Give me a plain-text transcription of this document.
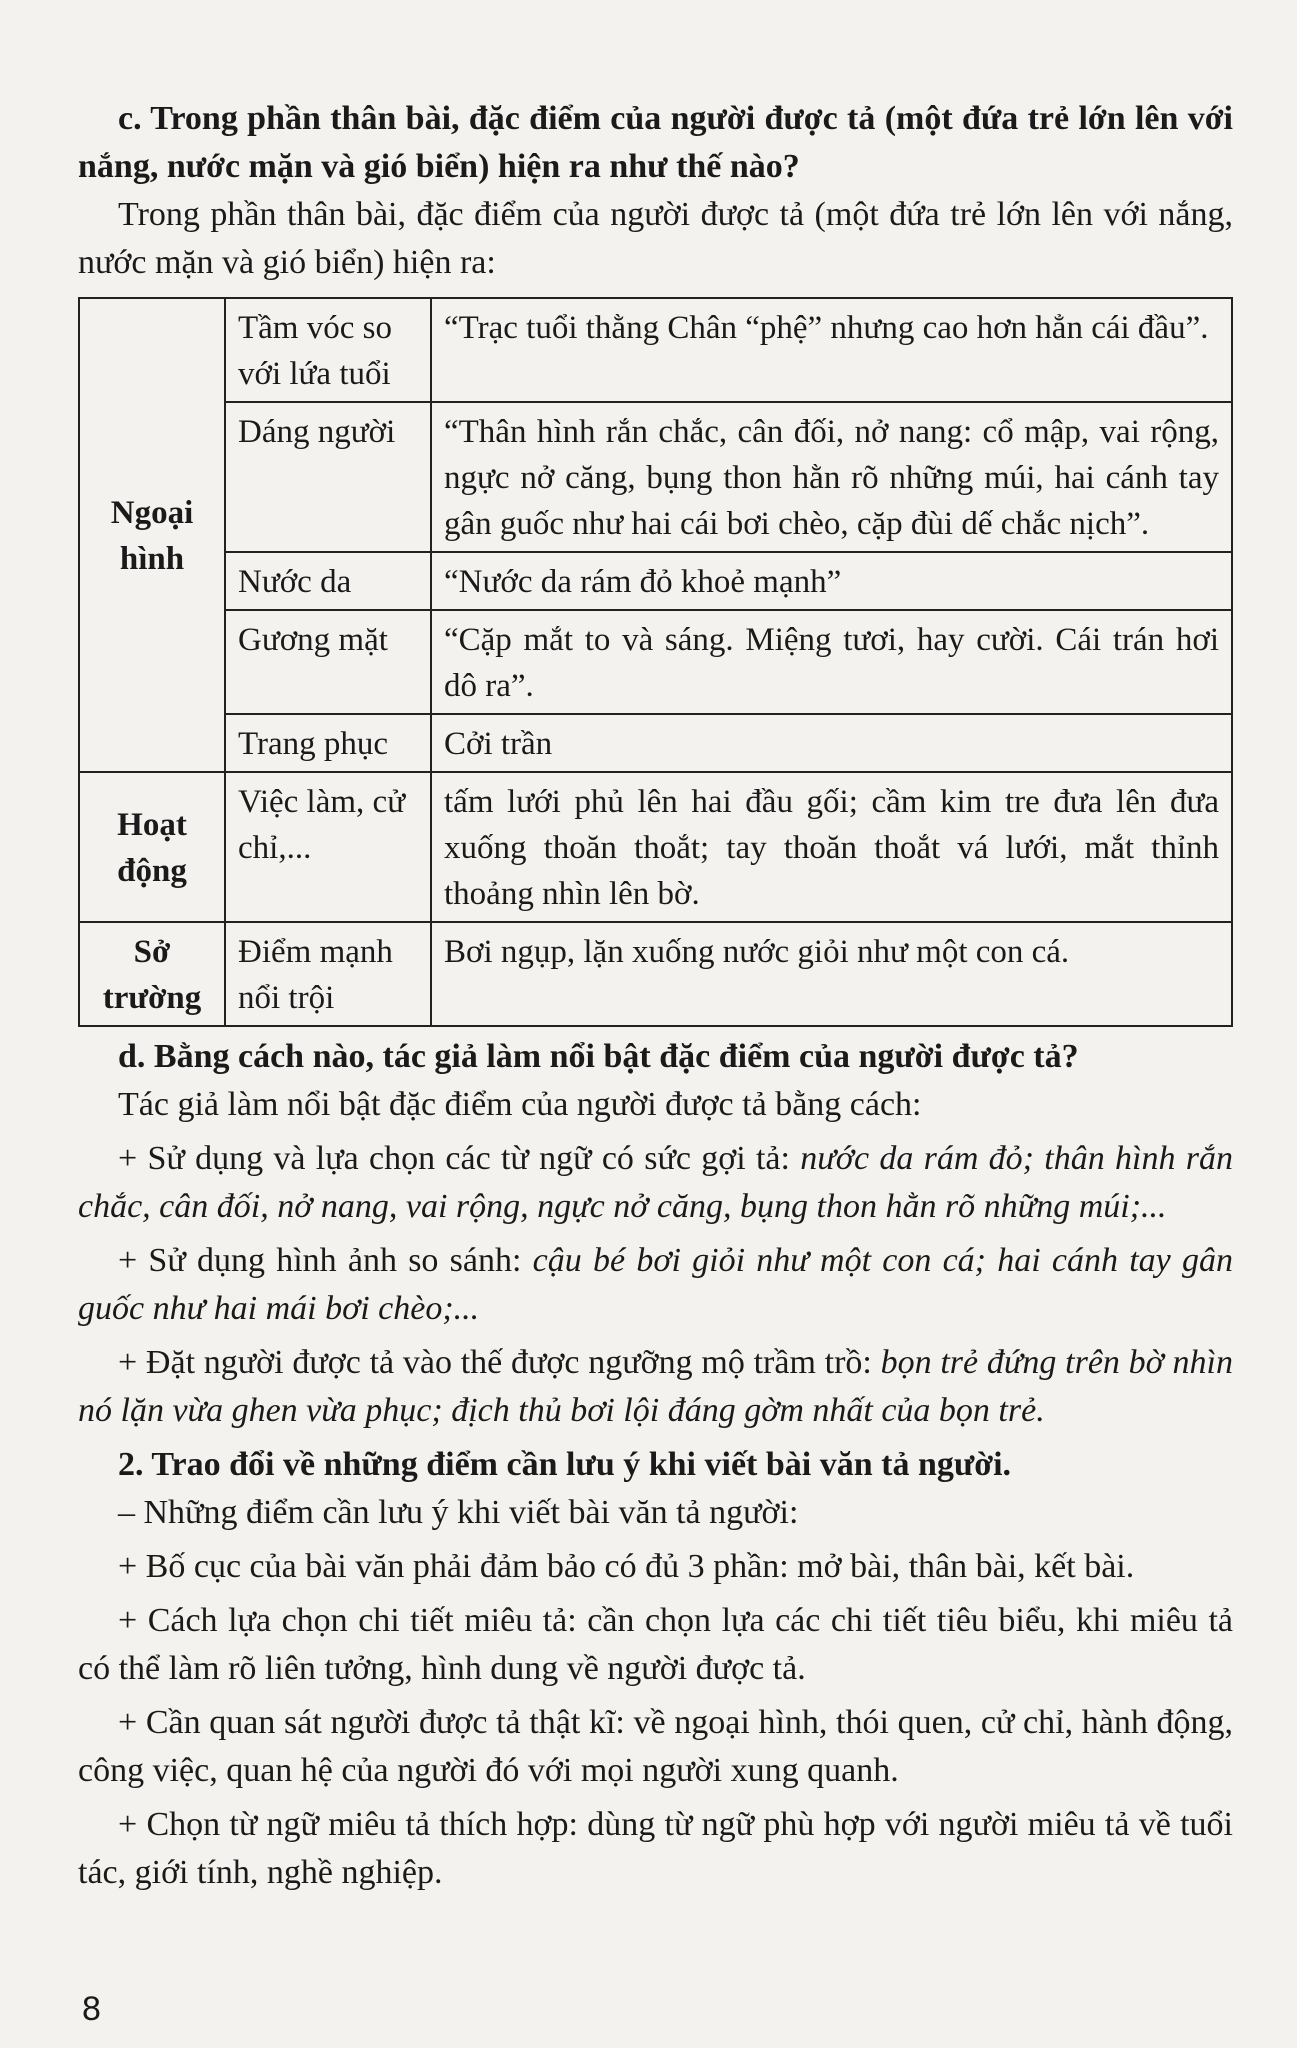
c. Trong phần thân bài, đặc điểm của người được tả (một đứa trẻ lớn lên với nắng, nước mặn và gió biển) hiện ra như thế nào?

Trong phần thân bài, đặc điểm của người được tả (một đứa trẻ lớn lên với nắng, nước mặn và gió biển) hiện ra:

Ngoại hình	Tầm vóc so với lứa tuổi	“Trạc tuổi thằng Chân “phệ” nhưng cao hơn hẳn cái đầu”.
	Dáng người	“Thân hình rắn chắc, cân đối, nở nang: cổ mập, vai rộng, ngực nở căng, bụng thon hằn rõ những múi, hai cánh tay gân guốc như hai cái bơi chèo, cặp đùi dế chắc nịch”.
	Nước da	“Nước da rám đỏ khoẻ mạnh”
	Gương mặt	“Cặp mắt to và sáng. Miệng tươi, hay cười. Cái trán hơi dô ra”.
	Trang phục	Cởi trần
Hoạt động	Việc làm, cử chỉ,...	tấm lưới phủ lên hai đầu gối; cầm kim tre đưa lên đưa xuống thoăn thoắt; tay thoăn thoắt vá lưới, mắt thỉnh thoảng nhìn lên bờ.
Sở trường	Điểm mạnh nổi trội	Bơi ngụp, lặn xuống nước giỏi như một con cá.

d. Bằng cách nào, tác giả làm nổi bật đặc điểm của người được tả?

Tác giả làm nổi bật đặc điểm của người được tả bằng cách:

+ Sử dụng và lựa chọn các từ ngữ có sức gợi tả: nước da rám đỏ; thân hình rắn chắc, cân đối, nở nang, vai rộng, ngực nở căng, bụng thon hằn rõ những múi;...

+ Sử dụng hình ảnh so sánh: cậu bé bơi giỏi như một con cá; hai cánh tay gân guốc như hai mái bơi chèo;...

+ Đặt người được tả vào thế được ngưỡng mộ trầm trồ: bọn trẻ đứng trên bờ nhìn nó lặn vừa ghen vừa phục; địch thủ bơi lội đáng gờm nhất của bọn trẻ.

2. Trao đổi về những điểm cần lưu ý khi viết bài văn tả người.

– Những điểm cần lưu ý khi viết bài văn tả người:

+ Bố cục của bài văn phải đảm bảo có đủ 3 phần: mở bài, thân bài, kết bài.

+ Cách lựa chọn chi tiết miêu tả: cần chọn lựa các chi tiết tiêu biểu, khi miêu tả có thể làm rõ liên tưởng, hình dung về người được tả.

+ Cần quan sát người được tả thật kĩ: về ngoại hình, thói quen, cử chỉ, hành động, công việc, quan hệ của người đó với mọi người xung quanh.

+ Chọn từ ngữ miêu tả thích hợp: dùng từ ngữ phù hợp với người miêu tả về tuổi tác, giới tính, nghề nghiệp.

8
